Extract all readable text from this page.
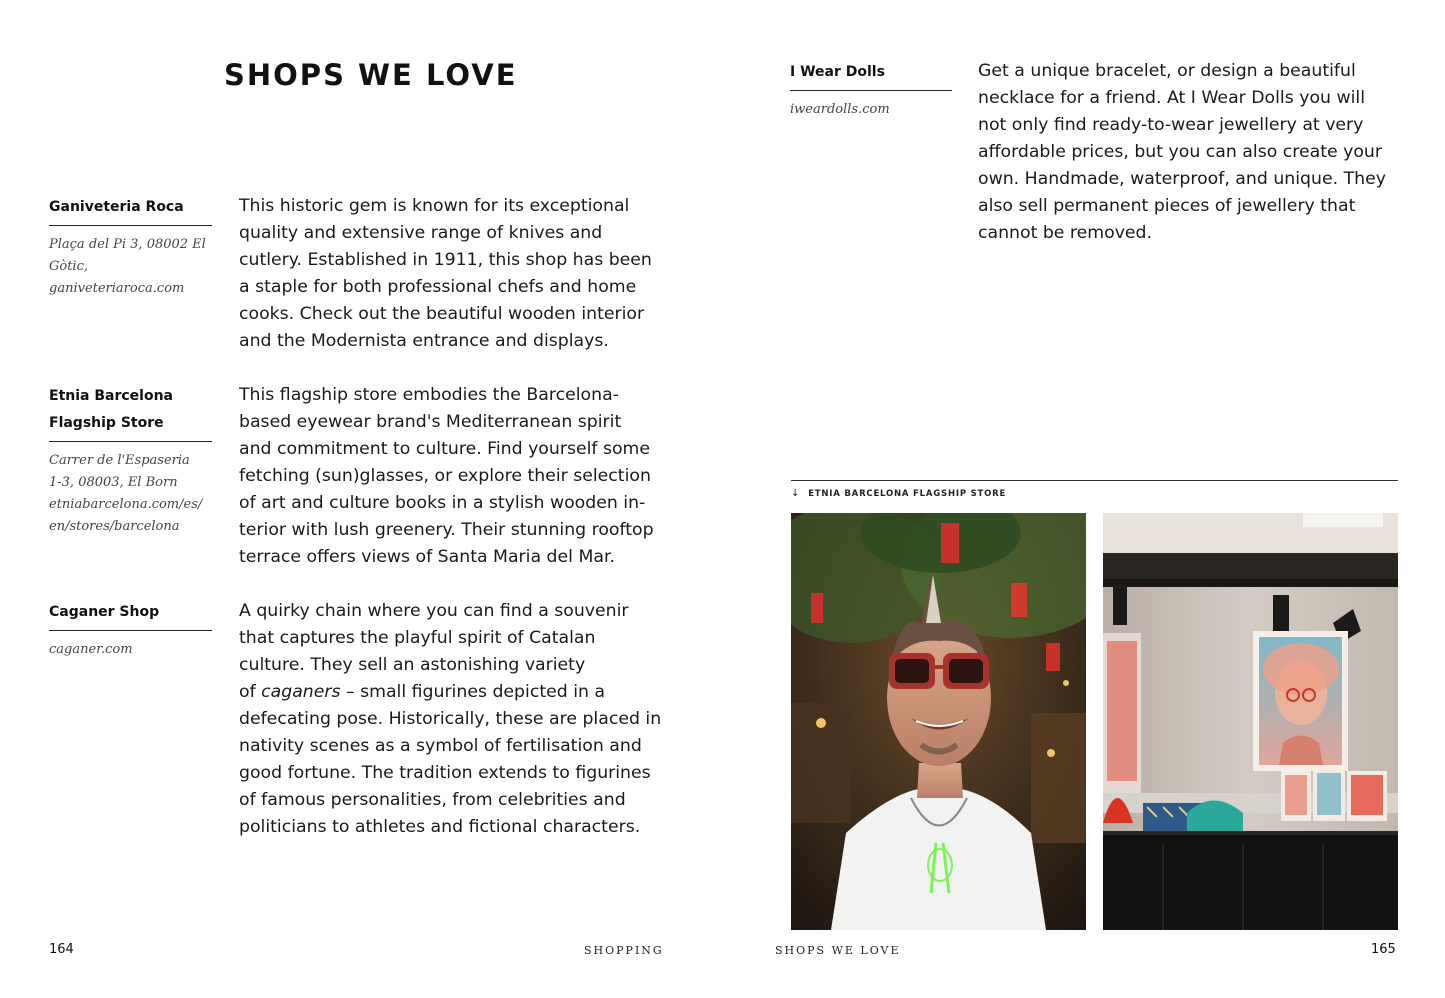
SHOPS WE LOVE
Ganiveteria Roca
Plaça del Pi 3, 08002 El
Gòtic, ganiveteriaroca.com
This historic gem is known for its exceptional
quality and extensive range of knives and
cutlery. Established in 1911, this shop has been
a staple for both professional chefs and home
cooks. Check out the beautiful wooden interior
and the Modernista entrance and displays.
Etnia Barcelona
Flagship Store
Carrer de l'Espaseria
1-3, 08003, El Born
etniabarcelona.com/es/
en/stores/barcelona
This flagship store embodies the Barcelona-
based eyewear brand's Mediterranean spirit
and commitment to culture. Find yourself some
fetching (sun)glasses, or explore their selection
of art and culture books in a stylish wooden in-
terior with lush greenery. Their stunning rooftop
terrace offers views of Santa Maria del Mar.
Caganer Shop
caganer.com
A quirky chain where you can find a souvenir
that captures the playful spirit of Catalan
culture. They sell an astonishing variety
of caganers – small figurines depicted in a
defecating pose. Historically, these are placed in
nativity scenes as a symbol of fertilisation and
good fortune. The tradition extends to figurines
of famous personalities, from celebrities and
politicians to athletes and fictional characters.
164	SHOPPING
I Wear Dolls
iweardolls.com
Get a unique bracelet, or design a beautiful
necklace for a friend. At I Wear Dolls you will
not only find ready-to-wear jewellery at very
affordable prices, but you can also create your
own. Handmade, waterproof, and unique. They
also sell permanent pieces of jewellery that
cannot be removed.
↓ ETNIA BARCELONA FLAGSHIP STORE
SHOPS WE LOVE	165
